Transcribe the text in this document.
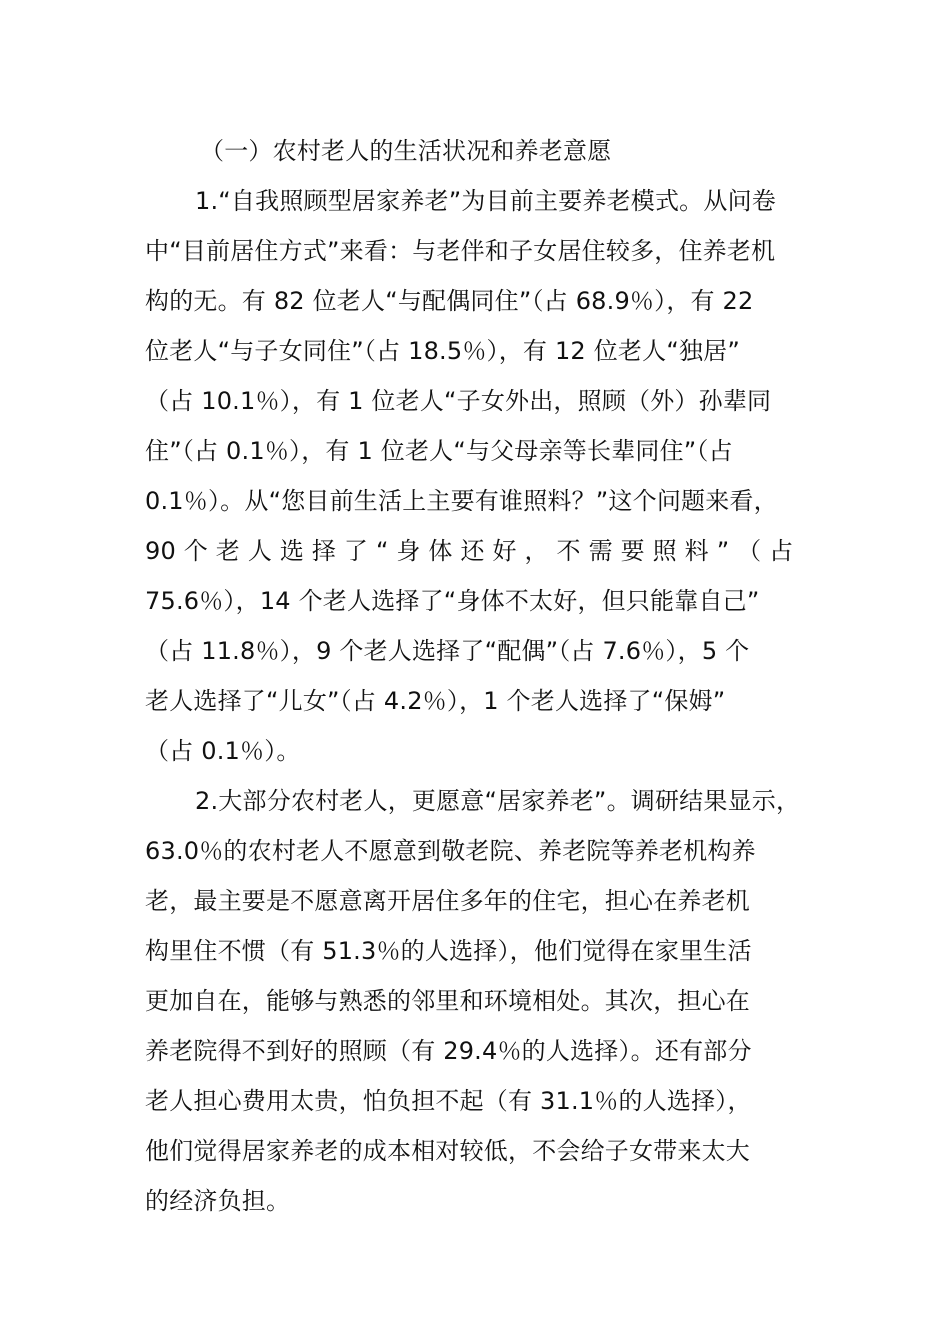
（一）农村老人的生活状况和养老意愿
1.“自我照顾型居家养老”为目前主要养老模式。从问卷
中“目前居住方式”来看：与老伴和子女居住较多，住养老机
构的无。有 82 位老人“与配偶同住”（占 68.9％），有 22
位老人“与子女同住”（占 18.5％），有 12 位老人“独居”
（占 10.1％），有 1 位老人“子女外出，照顾（外）孙辈同
住”（占 0.1％），有 1 位老人“与父母亲等长辈同住”（占
0.1％）。从“您目前生活上主要有谁照料？”这个问题来看，
90 个 老 人 选 择 了 “ 身 体 还 好 ， 不 需 要 照 料 ” （ 占
75.6％），14 个老人选择了“身体不太好，但只能靠自己”
（占 11.8％），9 个老人选择了“配偶”（占 7.6％），5 个
老人选择了“儿女”（占 4.2％），1 个老人选择了“保姆”
（占 0.1％）。
2.大部分农村老人，更愿意“居家养老”。调研结果显示，
63.0％的农村老人不愿意到敬老院、养老院等养老机构养
老，最主要是不愿意离开居住多年的住宅，担心在养老机
构里住不惯（有 51.3％的人选择），他们觉得在家里生活
更加自在，能够与熟悉的邻里和环境相处。其次，担心在
养老院得不到好的照顾（有 29.4％的人选择）。还有部分
老人担心费用太贵，怕负担不起（有 31.1％的人选择），
他们觉得居家养老的成本相对较低，不会给子女带来太大
的经济负担。
